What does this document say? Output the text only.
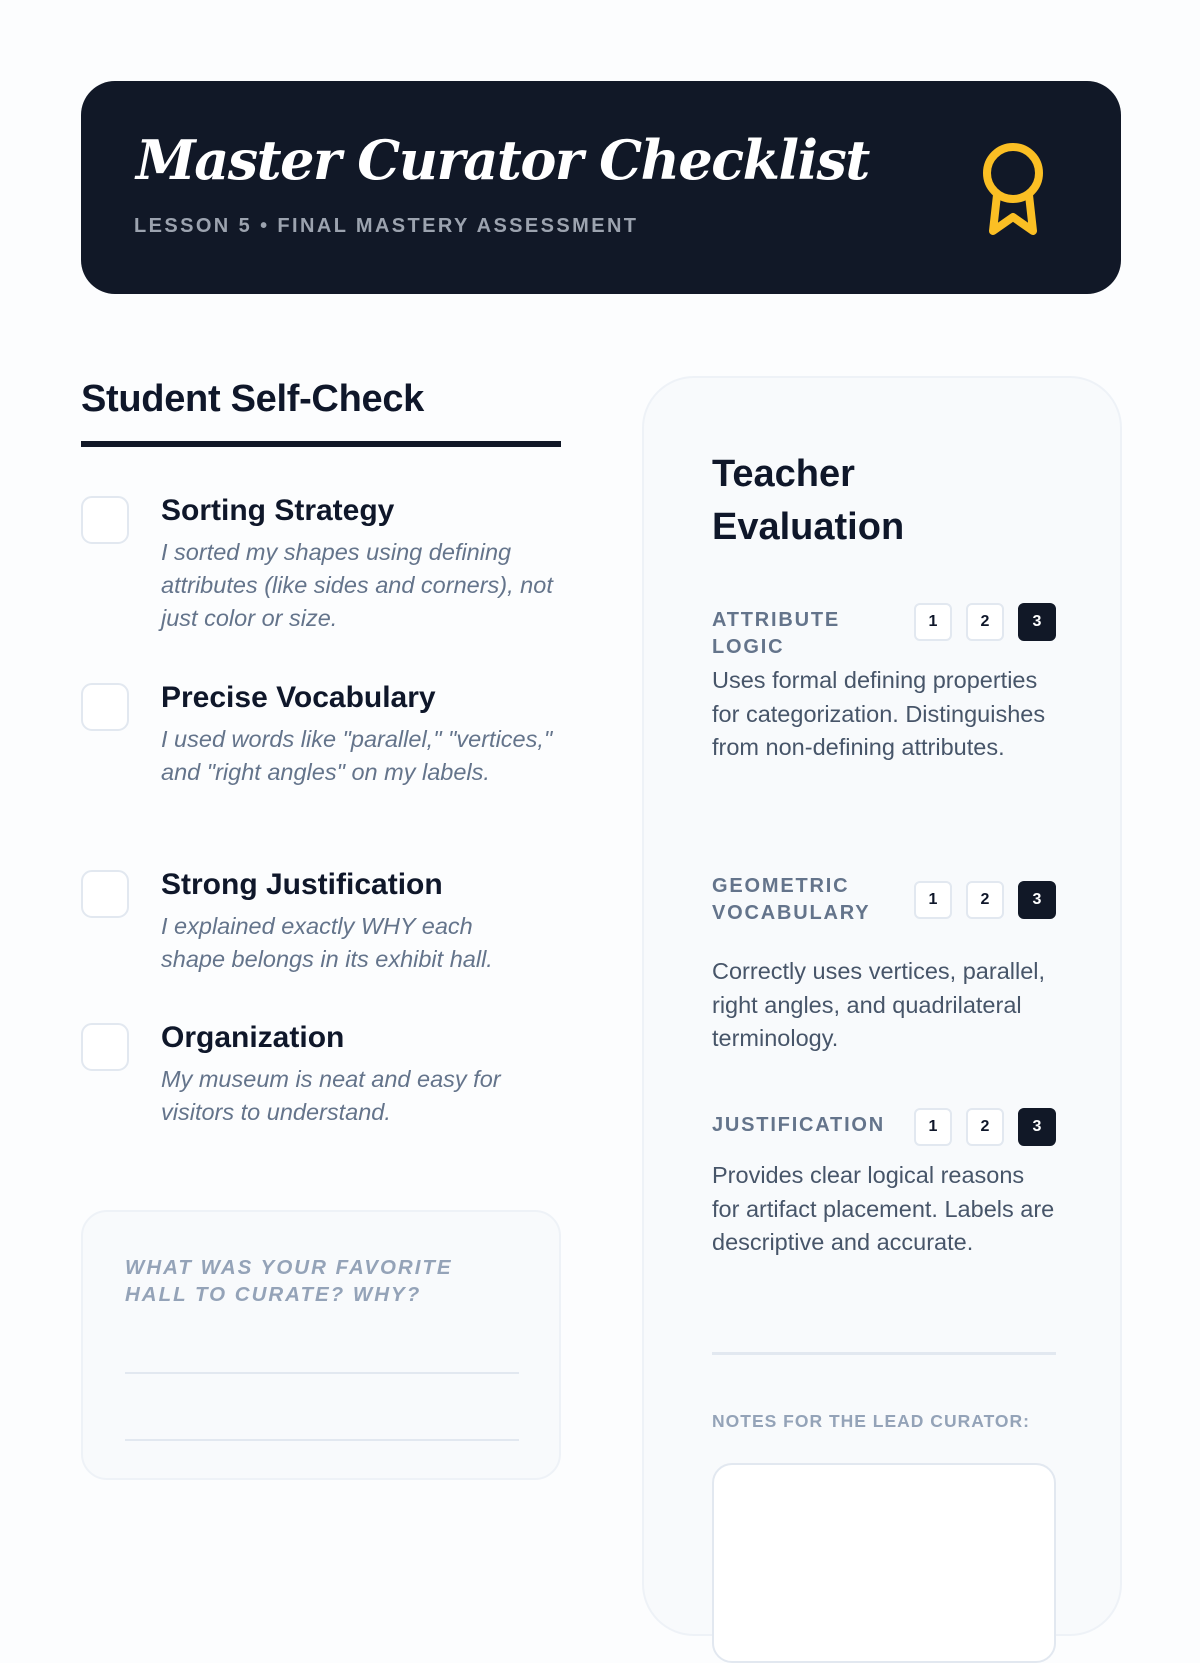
Master Curator Checklist
LESSON 5 • FINAL MASTERY ASSESSMENT
Student Self-Check
Sorting Strategy
I sorted my shapes using defining attributes (like sides and corners), not just color or size.
Precise Vocabulary
I used words like "parallel," "vertices," and "right angles" on my labels.
Strong Justification
I explained exactly WHY each shape belongs in its exhibit hall.
Organization
My museum is neat and easy for visitors to understand.
WHAT WAS YOUR FAVORITE HALL TO CURATE? WHY?
Teacher Evaluation
ATTRIBUTE LOGIC
1	2	3
Uses formal defining properties for categorization. Distinguishes from non-defining attributes.
GEOMETRIC VOCABULARY
1	2	3
Correctly uses vertices, parallel, right angles, and quadrilateral terminology.
JUSTIFICATION	1	2	3
Provides clear logical reasons for artifact placement. Labels are descriptive and accurate.
NOTES FOR THE LEAD CURATOR:
